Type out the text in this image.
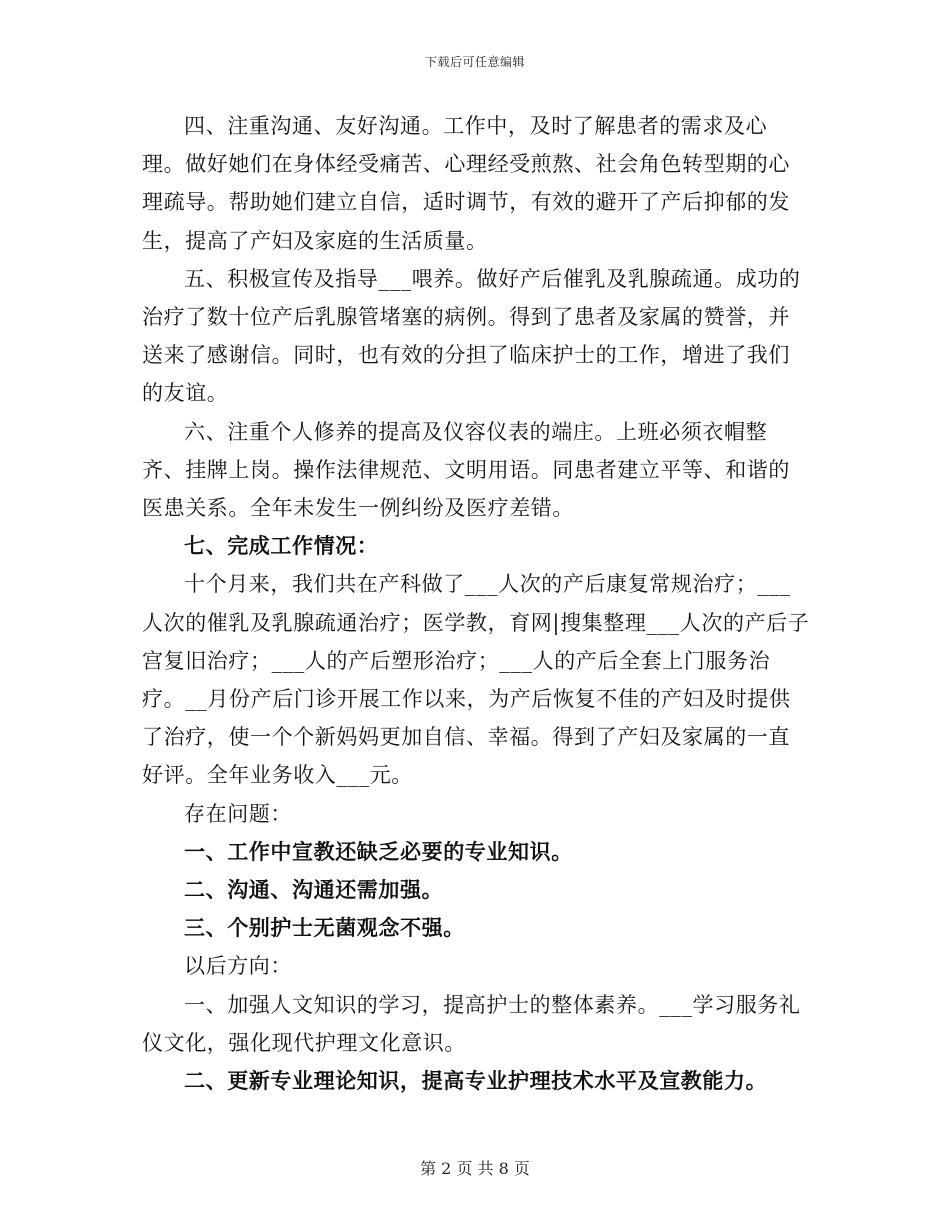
下载后可任意编辑

四、注重沟通、友好沟通。工作中，及时了解患者的需求及心理。做好她们在身体经受痛苦、心理经受煎熬、社会角色转型期的心理疏导。帮助她们建立自信，适时调节，有效的避开了产后抑郁的发生，提高了产妇及家庭的生活质量。

五、积极宣传及指导___喂养。做好产后催乳及乳腺疏通。成功的治疗了数十位产后乳腺管堵塞的病例。得到了患者及家属的赞誉，并送来了感谢信。同时，也有效的分担了临床护士的工作，增进了我们的友谊。

六、注重个人修养的提高及仪容仪表的端庄。上班必须衣帽整齐、挂牌上岗。操作法律规范、文明用语。同患者建立平等、和谐的医患关系。全年未发生一例纠纷及医疗差错。

七、完成工作情况：

十个月来，我们共在产科做了___人次的产后康复常规治疗；___人次的催乳及乳腺疏通治疗；医学教，育网|搜集整理___人次的产后子宫复旧治疗；___人的产后塑形治疗；___人的产后全套上门服务治疗。__月份产后门诊开展工作以来，为产后恢复不佳的产妇及时提供了治疗，使一个个新妈妈更加自信、幸福。得到了产妇及家属的一直好评。全年业务收入___元。

存在问题：

一、工作中宣教还缺乏必要的专业知识。

二、沟通、沟通还需加强。

三、个别护士无菌观念不强。

以后方向：

一、加强人文知识的学习，提高护士的整体素养。___学习服务礼仪文化，强化现代护理文化意识。

二、更新专业理论知识，提高专业护理技术水平及宣教能力。

第 2 页 共 8 页
